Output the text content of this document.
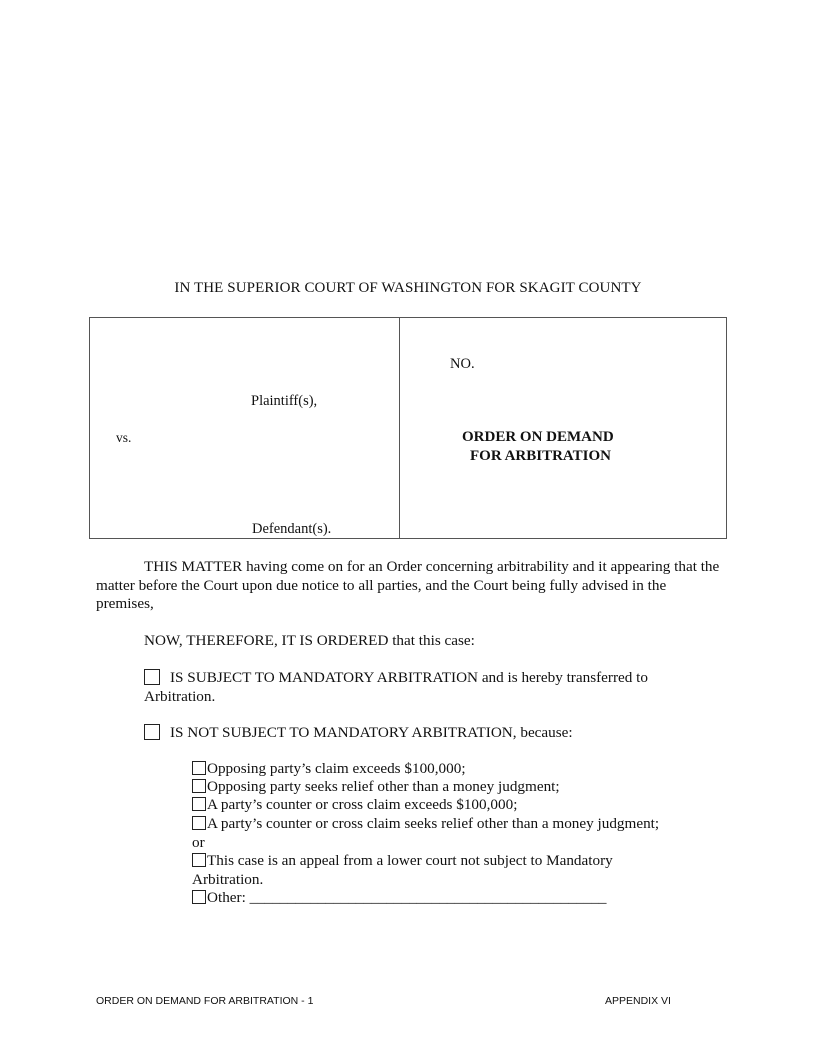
IN THE SUPERIOR COURT OF WASHINGTON FOR SKAGIT COUNTY
Plaintiff(s),
vs.
Defendant(s).
NO.
ORDER ON DEMAND
FOR ARBITRATION
THIS MATTER having come on for an Order concerning arbitrability and it appearing that the matter before the Court upon due notice to all parties, and the Court being fully advised in the premises,
NOW, THEREFORE, IT IS ORDERED that this case:
IS SUBJECT TO MANDATORY ARBITRATION and is hereby transferred to Arbitration.
IS NOT SUBJECT TO MANDATORY ARBITRATION, because:
Opposing party’s claim exceeds $100,000;
Opposing party seeks relief other than a money judgment;
A party’s counter or cross claim exceeds $100,000;
A party’s counter or cross claim seeks relief other than a money judgment;
or
This case is an appeal from a lower court not subject to Mandatory
Arbitration.
Other: _______________________________________________
ORDER ON DEMAND FOR ARBITRATION - 1	APPENDIX VI
